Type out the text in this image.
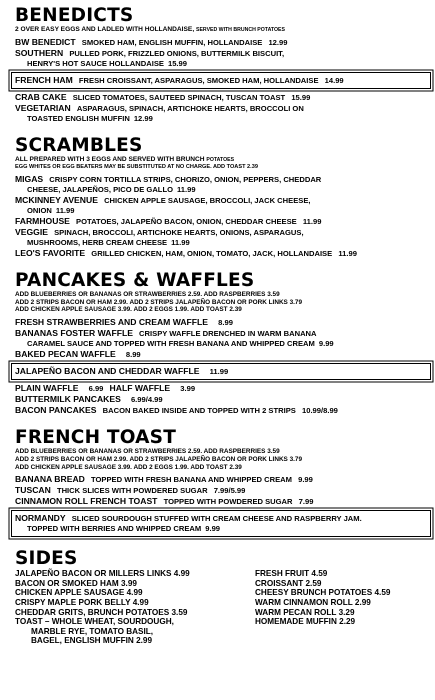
BENEDICTS
2 OVER EASY EGGS AND LADLED WITH HOLLANDAISE, SERVED WITH BRUNCH POTATOES
BW BENEDICT SMOKED HAM, ENGLISH MUFFIN, HOLLANDAISE 12.99
SOUTHERN PULLED PORK, FRIZZLED ONIONS, BUTTERMILK BISCUIT,
HENRY'S HOT SAUCE HOLLANDAISE 15.99
FRENCH HAM FRESH CROISSANT, ASPARAGUS, SMOKED HAM, HOLLANDAISE 14.99
CRAB CAKE SLICED TOMATOES, SAUTEED SPINACH, TUSCAN TOAST 15.99
VEGETARIAN ASPARAGUS, SPINACH, ARTICHOKE HEARTS, BROCCOLI ON
TOASTED ENGLISH MUFFIN 12.99
SCRAMBLES
ALL PREPARED WITH 3 EGGS AND SERVED WITH BRUNCH POTATOES
EGG WHITES OR EGG BEATERS MAY BE SUBSTITUTED AT NO CHARGE. ADD TOAST 2.39
MIGAS CRISPY CORN TORTILLA STRIPS, CHORIZO, ONION, PEPPERS, CHEDDAR
CHEESE, JALAPEÑOS, PICO DE GALLO 11.99
MCKINNEY AVENUE CHICKEN APPLE SAUSAGE, BROCCOLI, JACK CHEESE,
ONION 11.99
FARMHOUSE POTATOES, JALAPEÑO BACON, ONION, CHEDDAR CHEESE 11.99
VEGGIE SPINACH, BROCCOLI, ARTICHOKE HEARTS, ONIONS, ASPARAGUS,
MUSHROOMS, HERB CREAM CHEESE 11.99
LEO'S FAVORITE GRILLED CHICKEN, HAM, ONION, TOMATO, JACK, HOLLANDAISE 11.99
PANCAKES & WAFFLES
ADD BLUEBERRIES OR BANANAS OR STRAWBERRIES 2.59. ADD RASPBERRIES 3.59
ADD 2 STRIPS BACON OR HAM 2.99. ADD 2 STRIPS JALAPEÑO BACON OR PORK LINKS 3.79
ADD CHICKEN APPLE SAUSAGE 3.99. ADD 2 EGGS 1.99. ADD TOAST 2.39
FRESH STRAWBERRIES AND CREAM WAFFLE 8.99
BANANAS FOSTER WAFFLE CRISPY WAFFLE DRENCHED IN WARM BANANA
CARAMEL SAUCE AND TOPPED WITH FRESH BANANA AND WHIPPED CREAM 9.99
BAKED PECAN WAFFLE 8.99
JALAPEÑO BACON AND CHEDDAR WAFFLE 11.99
PLAIN WAFFLE 6.99 HALF WAFFLE 3.99
BUTTERMILK PANCAKES 6.99/4.99
BACON PANCAKES BACON BAKED INSIDE AND TOPPED WITH 2 STRIPS 10.99/8.99
FRENCH TOAST
ADD BLUEBERRIES OR BANANAS OR STRAWBERRIES 2.59. ADD RASPBERRIES 3.59
ADD 2 STRIPS BACON OR HAM 2.99. ADD 2 STRIPS JALAPEÑO BACON OR PORK LINKS 3.79
ADD CHICKEN APPLE SAUSAGE 3.99. ADD 2 EGGS 1.99. ADD TOAST 2.39
BANANA BREAD TOPPED WITH FRESH BANANA AND WHIPPED CREAM 9.99
TUSCAN THICK SLICES WITH POWDERED SUGAR 7.99/5.99
CINNAMON ROLL FRENCH TOAST TOPPED WITH POWDERED SUGAR 7.99
NORMANDY SLICED SOURDOUGH STUFFED WITH CREAM CHEESE AND RASPBERRY JAM.
TOPPED WITH BERRIES AND WHIPPED CREAM 9.99
SIDES
JALAPEÑO BACON OR MILLERS LINKS 4.99
BACON OR SMOKED HAM 3.99
CHICKEN APPLE SAUSAGE 4.99
CRISPY MAPLE PORK BELLY 4.99
CHEDDAR GRITS, BRUNCH POTATOES 3.59
TOAST – WHOLE WHEAT, SOURDOUGH,
MARBLE RYE, TOMATO BASIL,
BAGEL, ENGLISH MUFFIN 2.99
FRESH FRUIT 4.59
CROISSANT 2.59
CHEESY BRUNCH POTATOES 4.59
WARM CINNAMON ROLL 2.99
WARM PECAN ROLL 3.29
HOMEMADE MUFFIN 2.29
